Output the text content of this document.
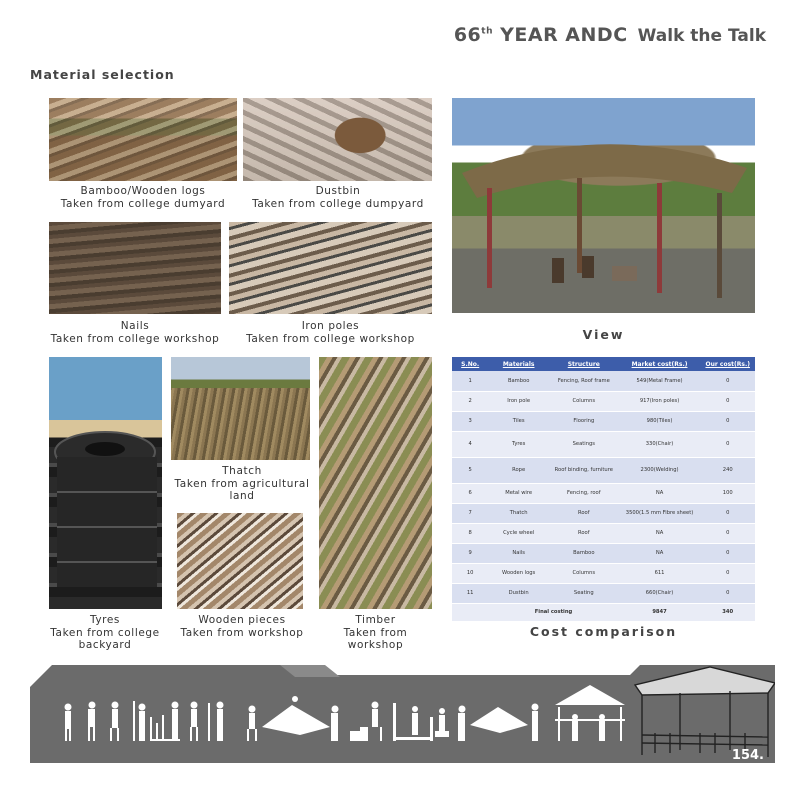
66th YEAR ANDC Walk the Talk
Material selection
Bamboo/Wooden logs
Taken from college dumyard
Dustbin
Taken from college dumpyard
Nails
Taken from college workshop
Iron poles
Taken from college workshop	View
Tyres
Taken from college
backyard
Thatch
Taken from agricultural
land
Wooden pieces
Taken from workshop
Timber
Taken from
workshop
S.No.	Materials	Structure	Market cost(Rs.)	Our cost(Rs.)
1	Bamboo	Fencing, Roof frame	549(Metal Frame)	0
2	Iron pole	Columns	917(Iron poles)	0
3	Tiles	Flooring	980(Tiles)	0
4	Tyres	Seatings	330(Chair)	0
5	Rope	Roof binding, furniture	2300(Welding)	240
6	Metal wire	Fencing, roof	NA	100
7	Thatch	Roof	3500(1.5 mm Fibre sheet)	0
8	Cycle wheel	Roof	NA	0
9	Nails	Bamboo	NA	0
10	Wooden logs	Columns	611	0
11	Dustbin	Seating	660(Chair)	0
	Final costing		9847	340
Cost comparison
154.
